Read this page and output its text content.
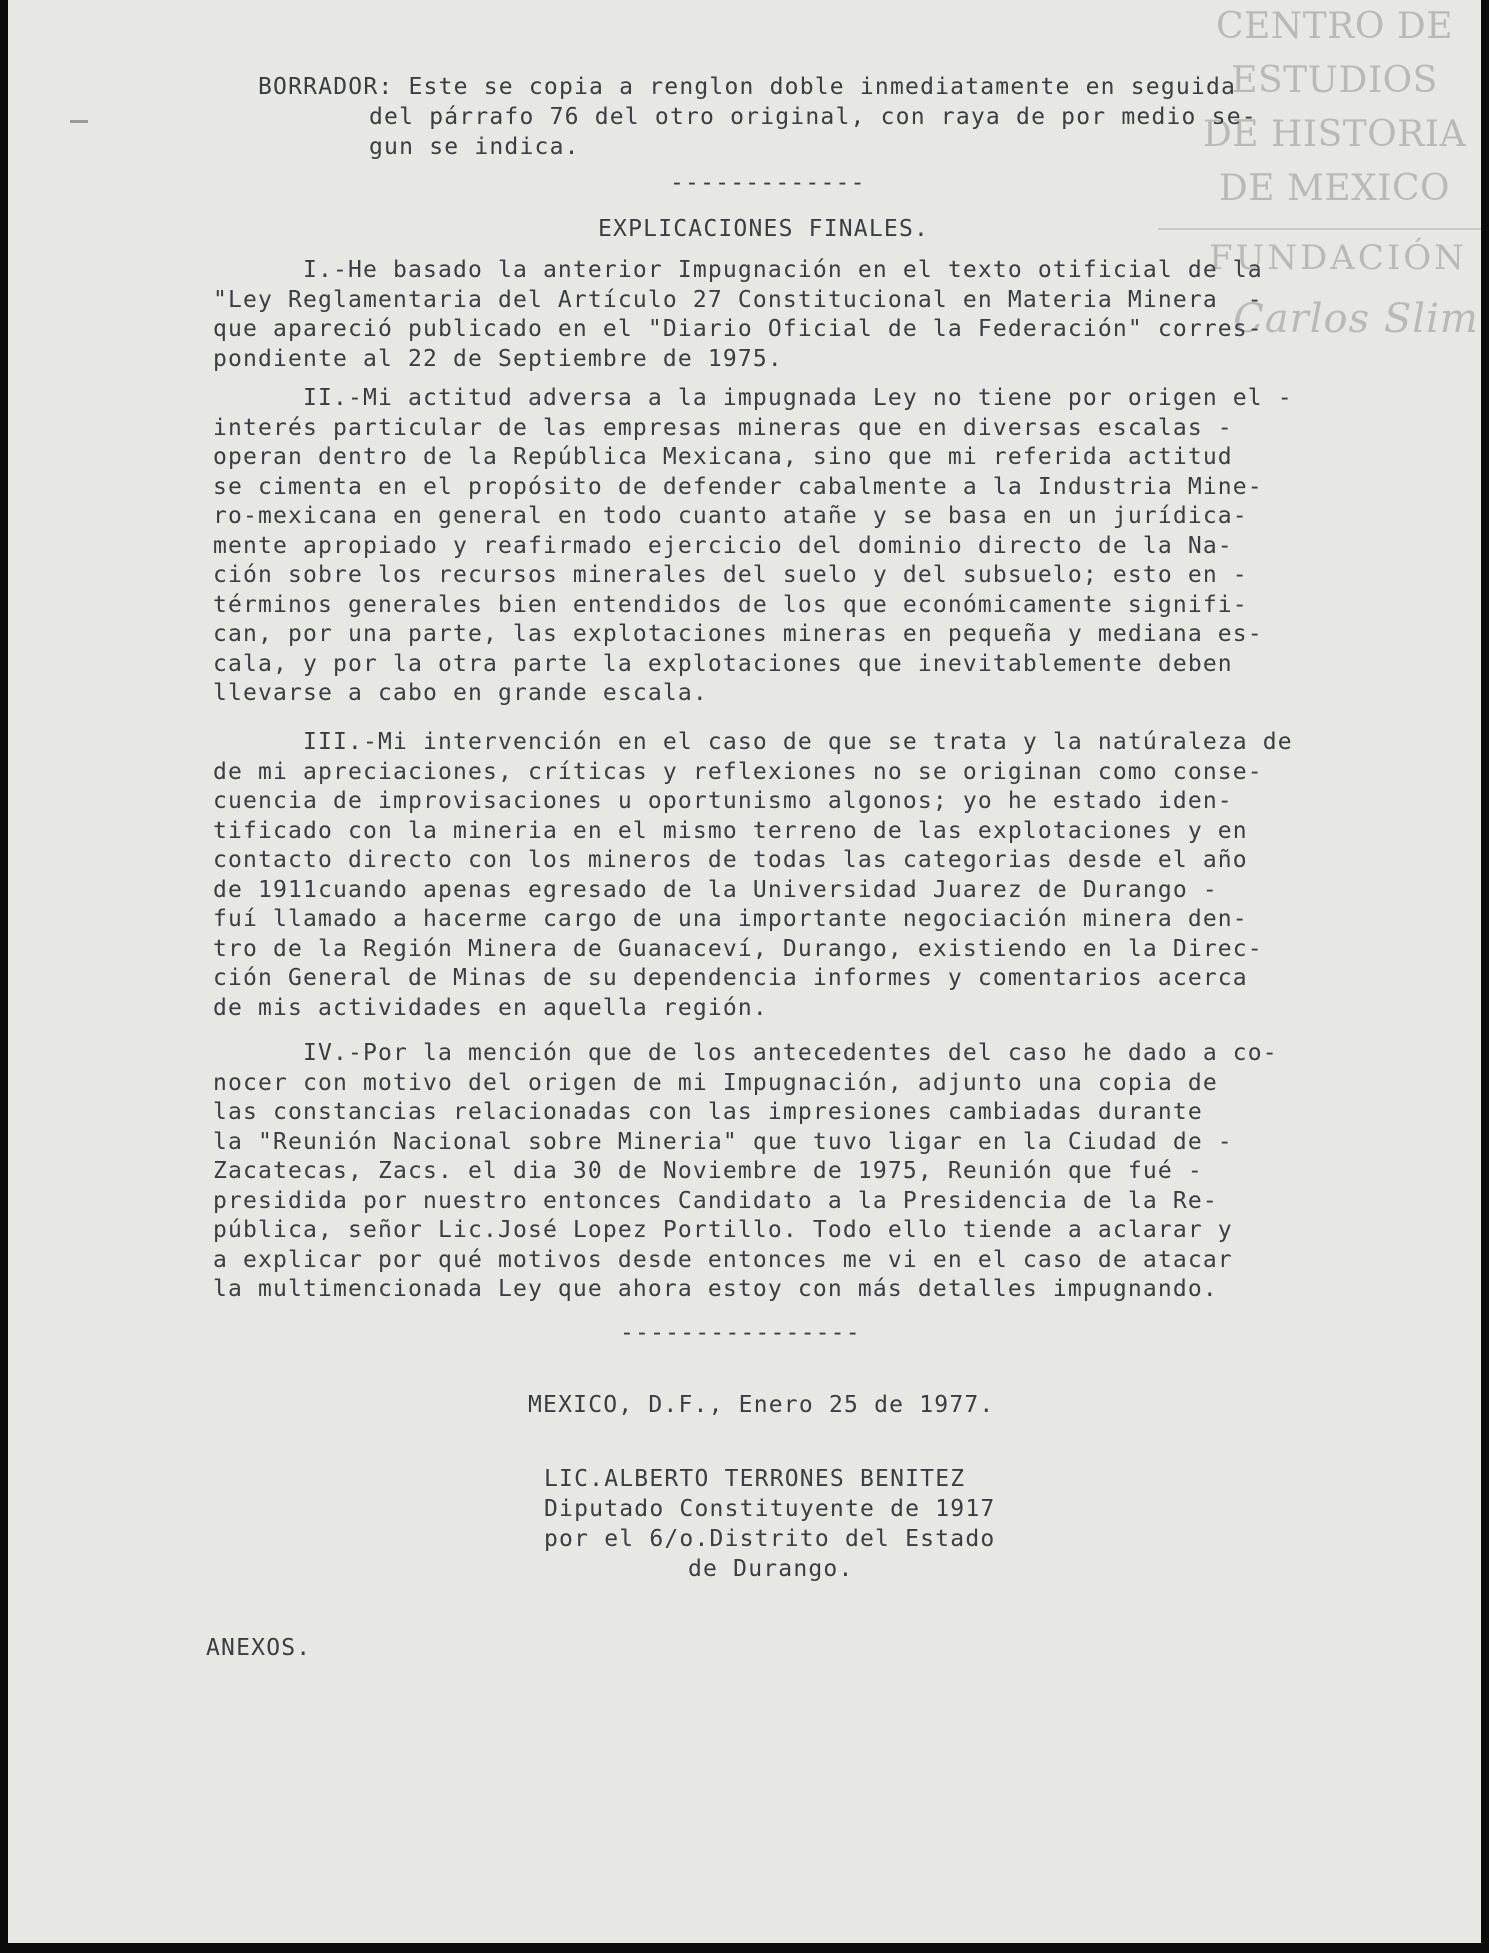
CENTRO DE
ESTUDIOS
DE HISTORIA
DE MEXICO
FUNDACIÓN
Carlos Slim
BORRADOR: Este se copia a renglon doble inmediatamente en seguida
del párrafo 76 del otro original, con raya de por medio se-
gun se indica.
-------------
EXPLICACIONES FINALES.

I.-He basado la anterior Impugnación en el texto otificial de la
"Ley Reglamentaria del Artículo 27 Constitucional en Materia Minera  -
que apareció publicado en el "Diario Oficial de la Federación" corres-
pondiente al 22 de Septiembre de 1975.

II.-Mi actitud adversa a la impugnada Ley no tiene por origen el -
interés particular de las empresas mineras que en diversas escalas -
operan dentro de la República Mexicana, sino que mi referida actitud
se cimenta en el propósito de defender cabalmente a la Industria Mine-
ro-mexicana en general en todo cuanto atañe y se basa en un jurídica-
mente apropiado y reafirmado ejercicio del dominio directo de la Na-
ción sobre los recursos minerales del suelo y del subsuelo; esto en -
términos generales bien entendidos de los que económicamente signifi-
can, por una parte, las explotaciones mineras en pequeña y mediana es-
cala, y por la otra parte la explotaciones que inevitablemente deben
llevarse a cabo en grande escala.

III.-Mi intervención en el caso de que se trata y la natúraleza de
de mi apreciaciones, críticas y reflexiones no se originan como conse-
cuencia de improvisaciones u oportunismo algonos; yo he estado iden-
tificado con la mineria en el mismo terreno de las explotaciones y en
contacto directo con los mineros de todas las categorias desde el año
de 1911cuando apenas egresado de la Universidad Juarez de Durango -
fuí llamado a hacerme cargo de una importante negociación minera den-
tro de la Región Minera de Guanaceví, Durango, existiendo en la Direc-
ción General de Minas de su dependencia informes y comentarios acerca
de mis actividades en aquella región.

IV.-Por la mención que de los antecedentes del caso he dado a co-
nocer con motivo del origen de mi Impugnación, adjunto una copia de
las constancias relacionadas con las impresiones cambiadas durante
la "Reunión Nacional sobre Mineria" que tuvo ligar en la Ciudad de -
Zacatecas, Zacs. el dia 30 de Noviembre de 1975, Reunión que fué -
presidida por nuestro entonces Candidato a la Presidencia de la Re-
pública, señor Lic.José Lopez Portillo. Todo ello tiende a aclarar y
a explicar por qué motivos desde entonces me vi en el caso de atacar
la multimencionada Ley que ahora estoy con más detalles impugnando.

----------------
MEXICO, D.F., Enero 25 de 1977.
LIC.ALBERTO TERRONES BENITEZ
Diputado Constituyente de 1917
por el 6/o.Distrito del Estado
de Durango.
ANEXOS.
